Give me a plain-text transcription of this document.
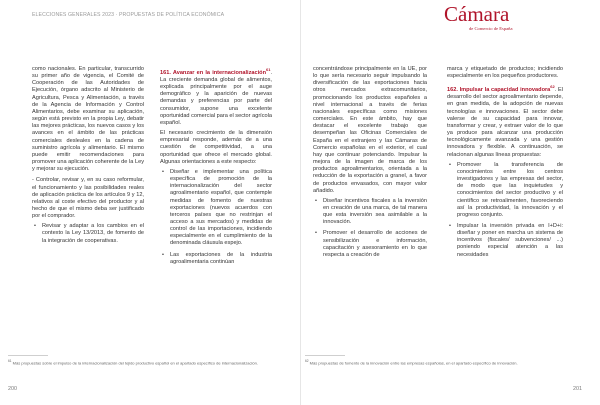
ELECCIONES GENERALES 2023 · PROPUESTAS DE POLÍTICA ECONÓMICA

como nacionales. En particular, transcurrido su primer año de vigencia, el Comité de Cooperación de las Autoridades de Ejecución, órgano adscrito al Ministerio de Agricultura, Pesca y Alimentación, a través de la Agencia de Información y Control Alimentarios, debe examinar su aplicación, según está previsto en la propia Ley, debatir las mejores prácticas, los nuevos casos y los avances en el ámbito de las prácticas comerciales desleales en la cadena de suministro agrícola y alimentario. El mismo puede emitir recomendaciones para promover una aplicación coherente de la Ley y mejorar su ejecución.

- Controlar, revisar y, en su caso reformular, el funcionamiento y las posibilidades reales de aplicación práctica de los artículos 9 y 12, relativos al coste efectivo del productor y al hecho de que el mismo deba ser justificado por el comprador.

• Revisar y adaptar a los cambios en el contexto la Ley 13/2013, de fomento de la integración de cooperativas.

161. Avanzar en la internacionalización$^{61}$. La creciente demanda global de alimentos, explicada principalmente por el auge demográfico y la aparición de nuevas demandas y preferencias por parte del consumidor, supone una excelente oportunidad comercial para el sector agrícola español.

El necesario crecimiento de la dimensión empresarial responde, además de a una cuestión de competitividad, a una oportunidad que ofrece el mercado global. Algunas orientaciones a este respecto:

• Diseñar e implementar una política específica de promoción de la internacionalización del sector agroalimentario español, que contemple medidas de fomento de nuestras exportaciones (nuevos acuerdos con terceros países que no restrinjan el acceso a sus mercados) y medidas de control de las importaciones, incidiendo especialmente en el cumplimiento de la denominada cláusula espejo.
• Las exportaciones de la industria agroalimentaria continúan
$^{61}$ Más propuestas sobre el impulso de la internacionalización del tejido productivo español en el apartado específico de internacionalización.
200

concentrándose principalmente en la UE, por lo que sería necesario seguir impulsando la diversificación de las exportaciones hacia otros mercados extracomunitarios, promocionando los productos españoles a nivel internacional a través de ferias nacionales específicas como misiones comerciales. En este ámbito, hay que destacar el excelente trabajo que desempeñan las Oficinas Comerciales de España en el extranjero y las Cámaras de Comercio españolas en el exterior, el cual hay que continuar potenciando. Impulsar la mejora de la imagen de marca de los productos agroalimentarios, orientada a la reducción de la exportación a granel, a favor de productos envasados, con mayor valor añadido.

• Diseñar incentivos fiscales a la inversión en creación de una marca, de tal manera que esta inversión sea asimilable a la innovación.
• Promover el desarrollo de acciones de sensibilización e información, capacitación y asesoramiento en lo que respecta a creación de

marca y etiquetado de productos; incidiendo especialmente en los pequeños productores.

162. Impulsar la capacidad innovadora$^{62}$. El desarrollo del sector agroalimentario depende, en gran medida, de la adopción de nuevas tecnologías e innovaciones. El sector debe valerse de su capacidad para innovar, transformar y crear, y extraer valor de lo que ya produce para alcanzar una producción tecnológicamente avanzada y una gestión innovadora y flexible. A continuación, se relacionan algunas líneas propuestas:

• Promover la transferencia de conocimientos entre los centros investigadores y las empresas del sector, de modo que las inquietudes y conocimientos del sector productivo y el científico se retroalimenten, favoreciendo así la productividad, la innovación y el progreso conjunto.
• Impulsar la inversión privada en I+D+i: diseñar y poner en marcha un sistema de incentivos (fiscales/ subvenciones/ ...) poniendo especial atención a las necesidades
$^{62}$ Más propuestas de fomento de la innovación entre las empresas españolas, en el apartado específico de innovación.
201
Cámara
de Comercio de España
